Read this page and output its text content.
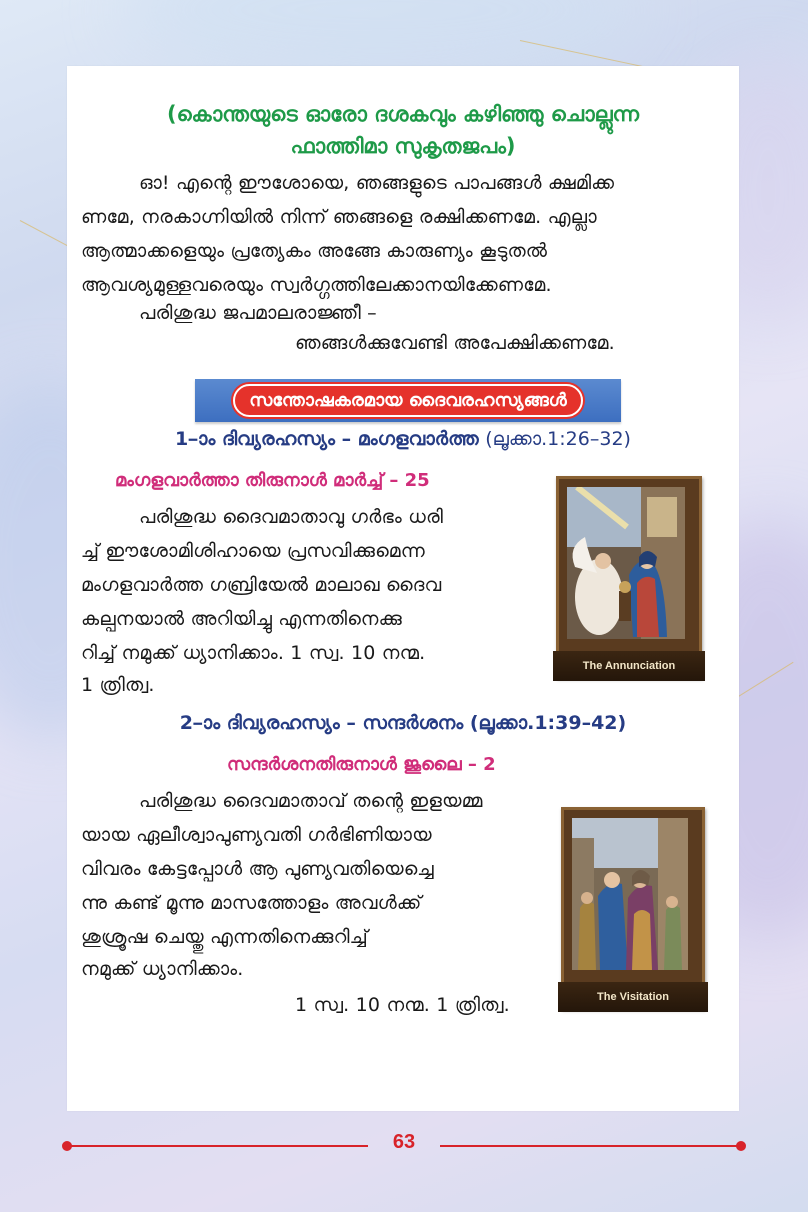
(കൊന്തയുടെ ഓരോ ദശകവും കഴിഞ്ഞു ചൊല്ലുന്ന

ഫാത്തിമാ സുകൃതജപം)

ഓ! എന്റെ ഈശോയെ, ഞങ്ങളുടെ പാപങ്ങൾ ക്ഷമിക്ക

ണമേ, നരകാഗ്നിയിൽ നിന്ന് ഞങ്ങളെ രക്ഷിക്കണമേ. എല്ലാ

ആത്മാക്കളെയും പ്രത്യേകം അങ്ങേ കാരുണ്യം കൂടുതൽ

ആവശ്യമുള്ളവരെയും സ്വർഗ്ഗത്തിലേക്കാനയിക്കേണമേ.

പരിശുദ്ധ ജപമാലരാജ്ഞീ –

ഞങ്ങൾക്കുവേണ്ടി അപേക്ഷിക്കണമേ.

സന്തോഷകരമായ ദൈവരഹസ്യങ്ങൾ

1–ാം ദിവ്യരഹസ്യം – മംഗളവാർത്ത (ലൂക്കാ.1:26–32)

മംഗളവാർത്താ തിരുനാൾ മാർച്ച് – 25

പരിശുദ്ധ ദൈവമാതാവു ഗർഭം ധരി

ച്ച് ഈശോമിശിഹായെ പ്രസവിക്കുമെന്ന

മംഗളവാർത്ത ഗബ്രിയേൽ മാലാഖ ദൈവ

കല്പനയാൽ അറിയിച്ചു എന്നതിനെക്കു

റിച്ച് നമുക്ക് ധ്യാനിക്കാം. 1 സ്വ. 10 നന്മ.

1 ത്രിത്വ.

The Annunciation

2–ാം ദിവ്യരഹസ്യം – സന്ദർശനം (ലൂക്കാ.1:39–42)

സന്ദർശനതിരുനാൾ ജൂലൈ – 2

പരിശുദ്ധ ദൈവമാതാവ് തന്റെ ഇളയമ്മ

യായ ഏലീശ്വാപുണ്യവതി ഗർഭിണിയായ

വിവരം കേട്ടപ്പോൾ ആ പുണ്യവതിയെച്ചെ

ന്നു കണ്ട് മൂന്നു മാസത്തോളം അവൾക്ക്

ശുശ്രൂഷ ചെയ്തു എന്നതിനെക്കുറിച്ച്

നമുക്ക് ധ്യാനിക്കാം.

1 സ്വ. 10 നന്മ. 1 ത്രിത്വ.	The Visitation
63
